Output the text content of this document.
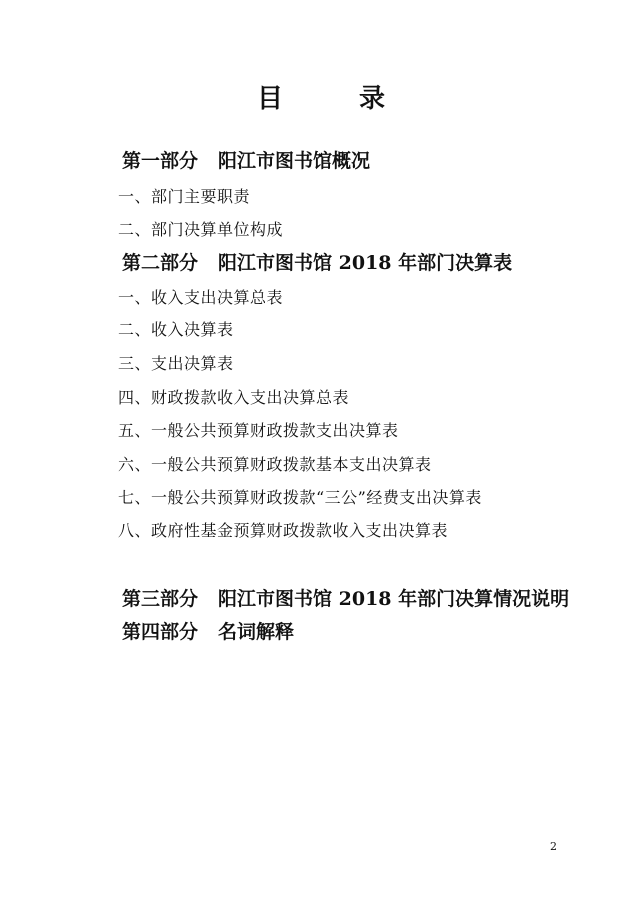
目	录
第一部分 阳江市图书馆概况
一、部门主要职责
二、部门决算单位构成
第二部分 阳江市图书馆 2018 年部门决算表
一、收入支出决算总表
二、收入决算表
三、支出决算表
四、财政拨款收入支出决算总表
五、一般公共预算财政拨款支出决算表
六、一般公共预算财政拨款基本支出决算表
七、一般公共预算财政拨款“三公”经费支出决算表
八、政府性基金预算财政拨款收入支出决算表
第三部分 阳江市图书馆 2018 年部门决算情况说明
第四部分 名词解释
2
